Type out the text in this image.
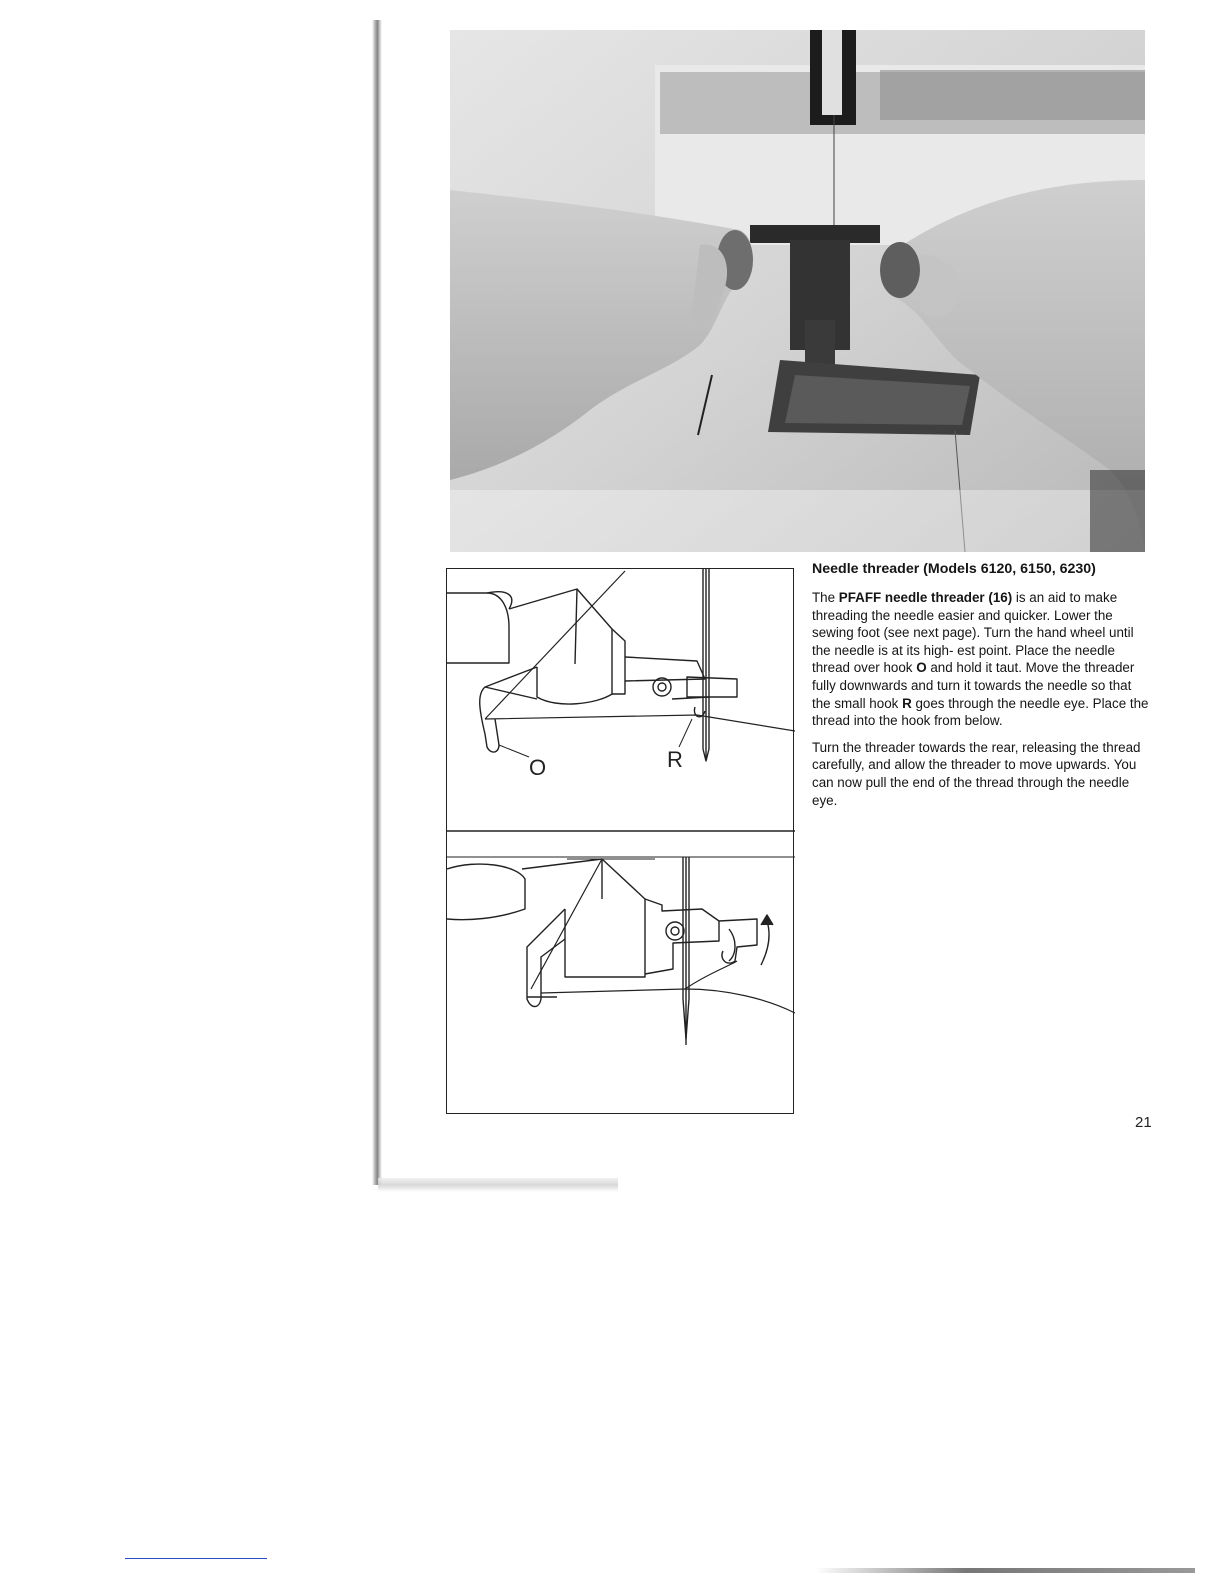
O	R
Needle threader (Models 6120, 6150, 6230)

The PFAFF needle threader (16) is an aid to make threading the needle easier and quicker. Lower the sewing foot (see next page). Turn the hand wheel until the needle is at its high- est point. Place the needle thread over hook O and hold it taut. Move the threader fully downwards and turn it towards the needle so that the small hook R goes through the needle eye. Place the thread into the hook from below.

Turn the threader towards the rear, releasing the thread carefully, and allow the threader to move upwards. You can now pull the end of the thread through the needle eye.

21
